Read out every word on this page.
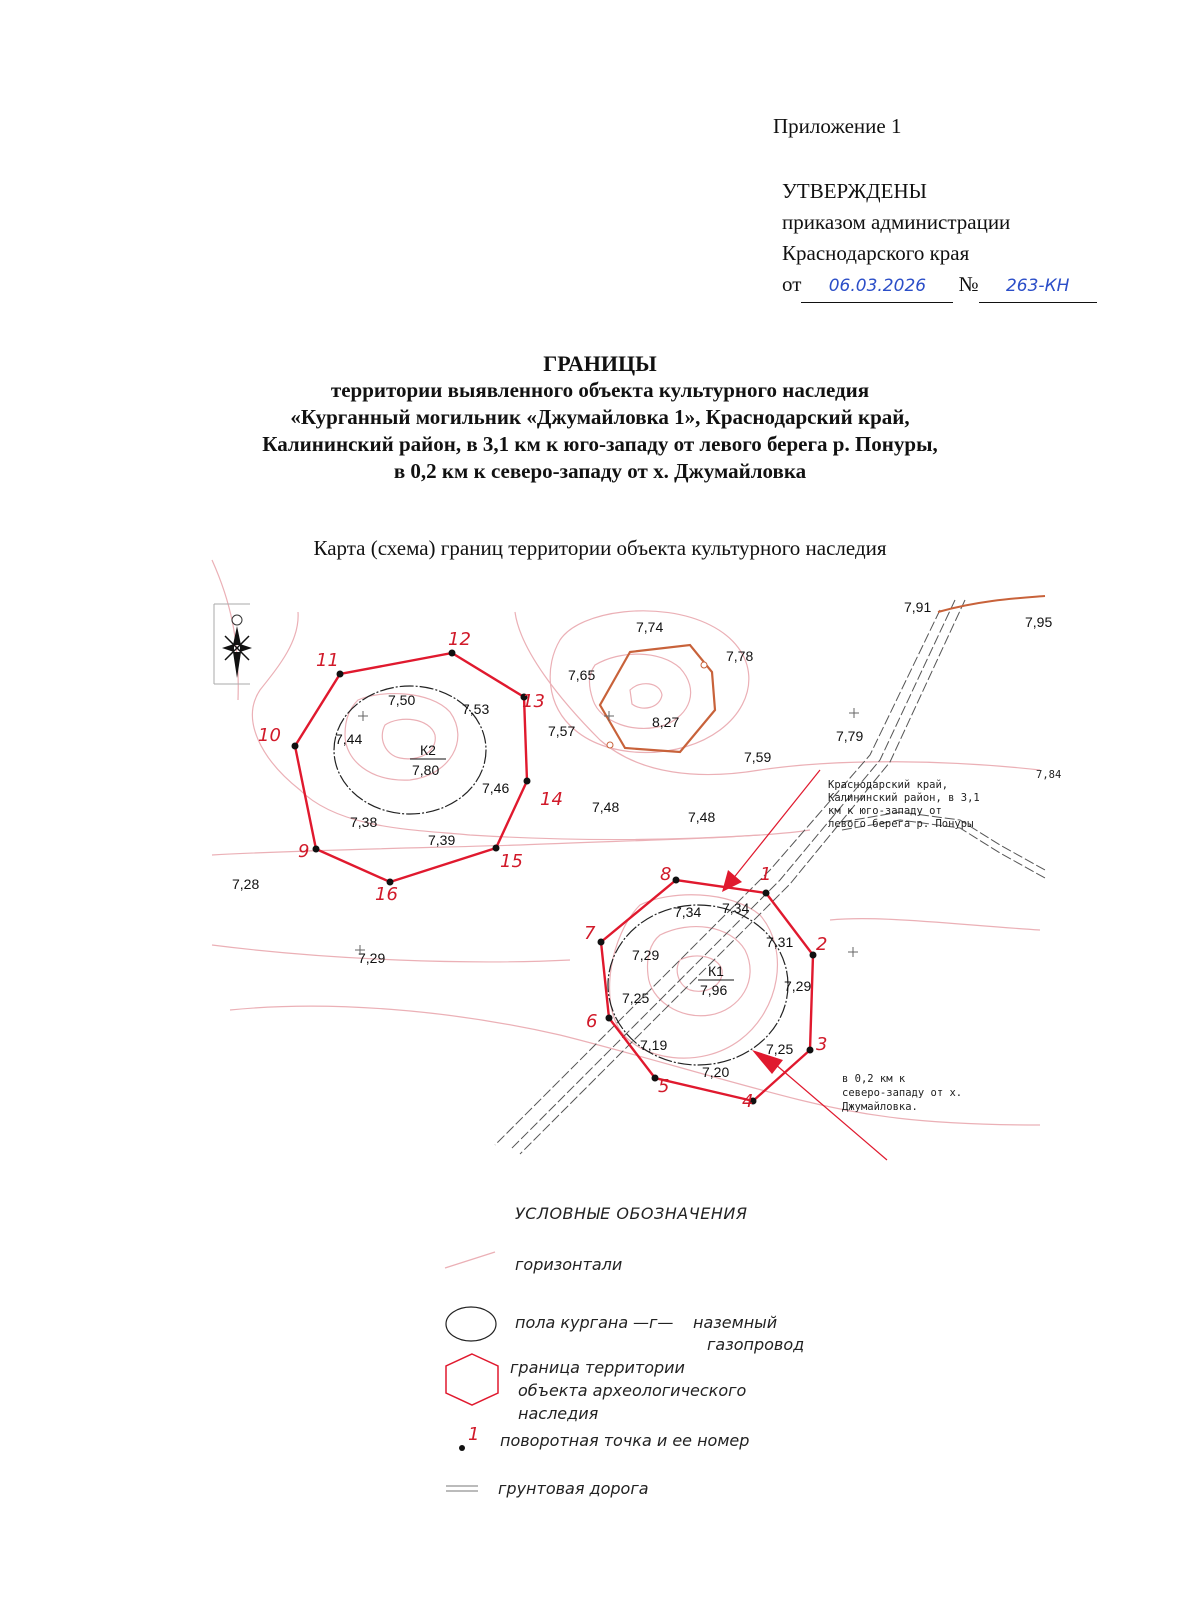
Приложение 1
УТВЕРЖДЕНЫ
приказом администрации
Краснодарского края
от 06.03.2026 № 263-КН
ГРАНИЦЫ
территории выявленного объекта культурного наследия
«Курганный могильник «Джумайловка 1», Краснодарский край,
Калининский район, в 3,1 км к юго-западу от левого берега р. Понуры,
в 0,2 км к северо-западу от х. Джумайловка
Карта (схема) границ территории объекта культурного наследия
1
2
3
4
5
6
7
8
9
10
11
12
13
14
15
16
7,91
7,95
7,74
7,78
7,65
7,57
8,27
7,79
7,59
7,48
7,48
7,28
7,29
7,50
7,53
7,44
7,46
7,38
7,39
7,34 7,34
7,29
7,31
7,29
7,25
7,19
7,20
7,25
К2
7,80
К1
7,96
Краснодарский край,
7,84
Калининский район, в 3,1
км к юго-западу от
левого берега р. Понуры
в 0,2 км к
северо-западу от х.
Джумайловка.
УСЛОВНЫЕ ОБОЗНАЧЕНИЯ
горизонтали
пола кургана —г— наземный
газопровод
граница территории
объекта археологического
наследия
1 поворотная точка и ее номер
грунтовая дорога
